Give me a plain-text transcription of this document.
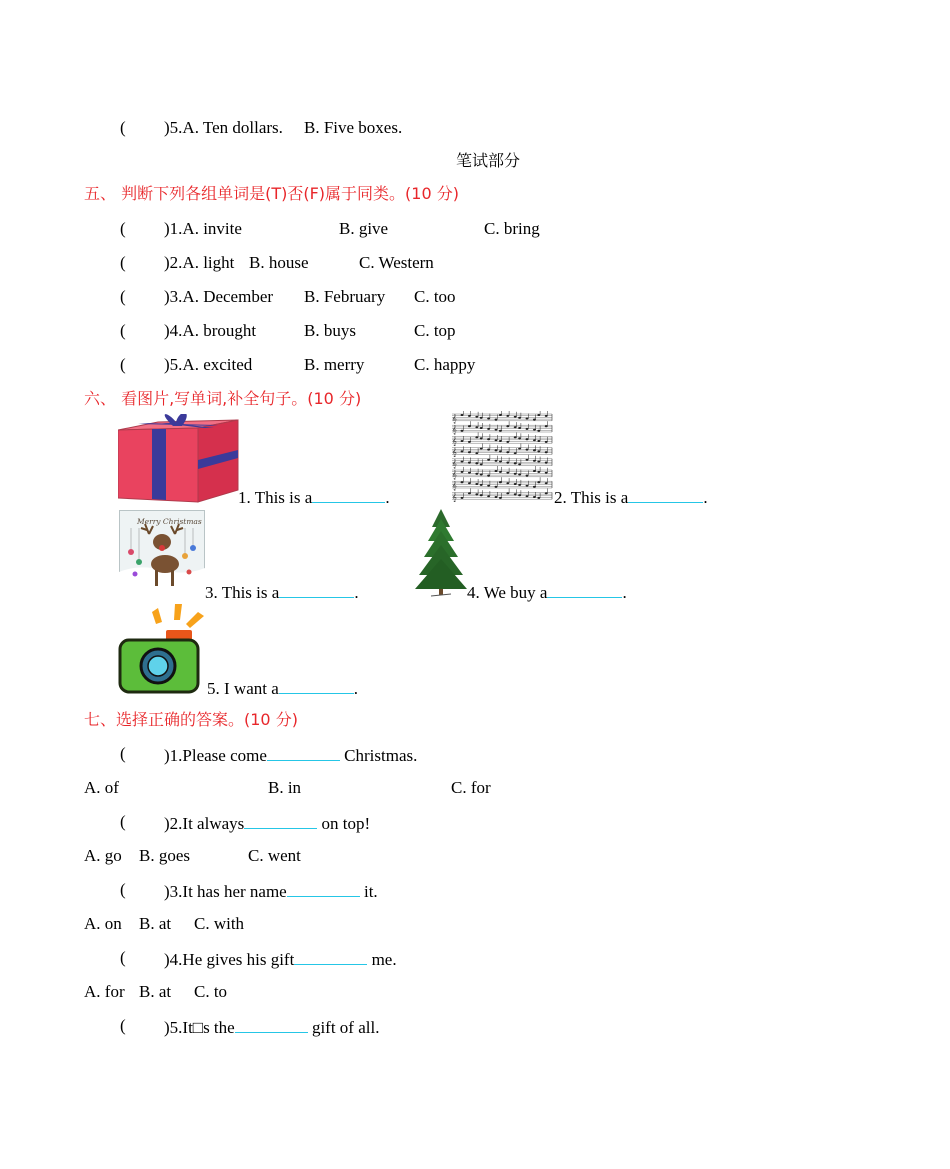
( )5.A. Ten dollars. B. Five boxes.
笔试部分
五、 判断下列各组单词是(T)否(F)属于同类。(10 分)
( )1.A. invite	B. give	C. bring
( )2.A. light B. house	C. Western
( )3.A. December B. February C. too
( )4.A. brought	B. buys	C. top
( )5.A. excited	B. merry	C. happy
六、 看图片,写单词,补全句子。(10 分)
1. This is a	.
𝄞
𝄞
𝄞
𝄞
𝄞
𝄞
𝄞
𝄞	2. This is a	.
Merry Christmas
3. This is a	.	4. We buy a	.
5. I want a	.
七、选择正确的答案。(10 分)
( )1.Please come	Christmas.
A. of	B. in	C. for
( )2.It always	on top!
A. go B. goes	C. went
( )3.It has her name	it.
A. on B. at C. with
( )4.He gives his gift	me.
A. for B. at C. to
( )5.It□s the	gift of all.
